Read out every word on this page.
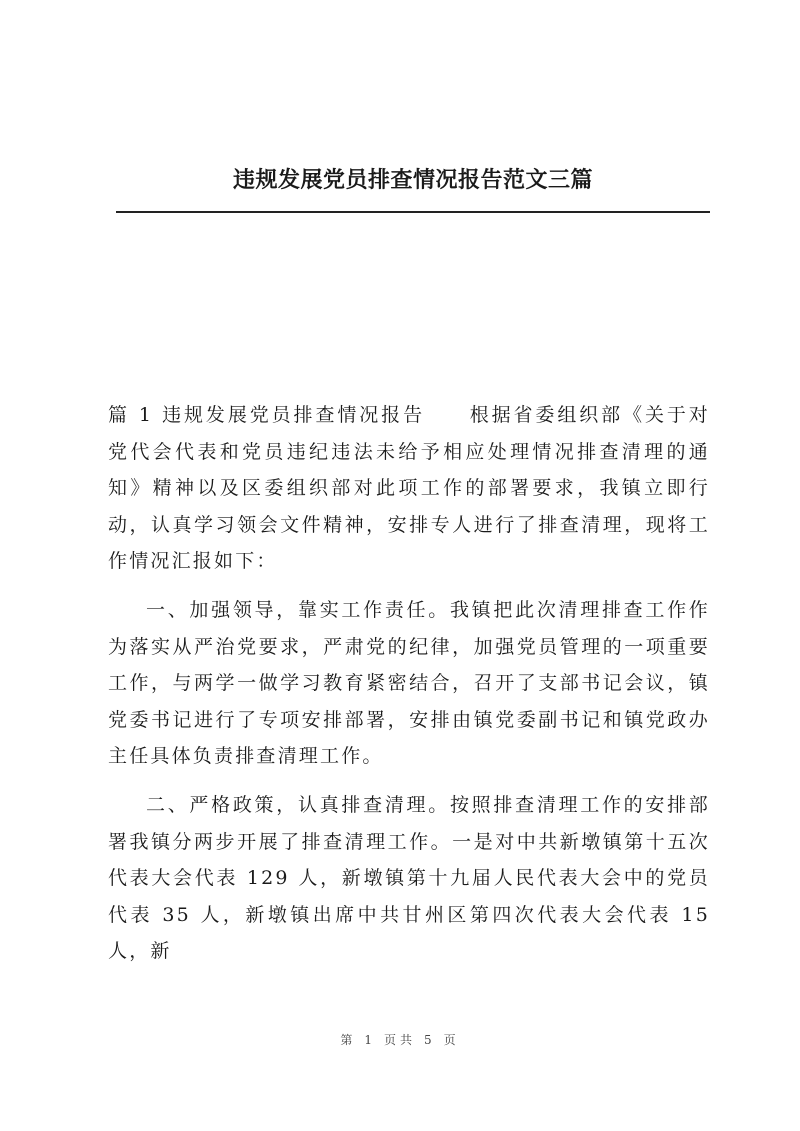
违规发展党员排查情况报告范文三篇

篇 1 违规发展党员排查情况报告 根据省委组织部《关于对党代会代表和党员违纪违法未给予相应处理情况排查清理的通知》精神以及区委组织部对此项工作的部署要求，我镇立即行动，认真学习领会文件精神，安排专人进行了排查清理，现将工作情况汇报如下：

一、加强领导，靠实工作责任。我镇把此次清理排查工作作为落实从严治党要求，严肃党的纪律，加强党员管理的一项重要工作，与两学一做学习教育紧密结合，召开了支部书记会议，镇党委书记进行了专项安排部署，安排由镇党委副书记和镇党政办主任具体负责排查清理工作。

二、严格政策，认真排查清理。按照排查清理工作的安排部署我镇分两步开展了排查清理工作。一是对中共新墩镇第十五次代表大会代表 129 人，新墩镇第十九届人民代表大会中的党员代表 35 人，新墩镇出席中共甘州区第四次代表大会代表 15 人，新

第 1 页共 5 页
